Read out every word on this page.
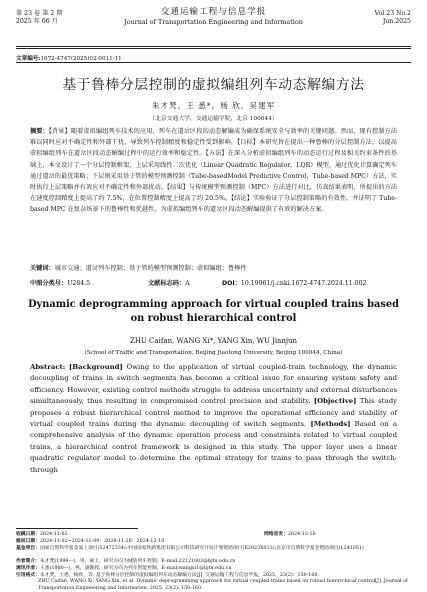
第 23 卷 第 2 期
2025 年 06 月
交通运输工程与信息学报
Journal of Transportation Engineering and Information
Vol.23 No.2
Jun.2025
文章编号:1672-4747(2025)02-0011-11
基于鲁棒分层控制的虚拟编组列车动态解编方法
朱才梵，王 悉*，杨 欣，吴建军
（北京交通大学，交通运输学院，北京 100044）
摘要：【背景】随着虚拟编组列车技术的应用，列车在道岔区段的动态解编成为确保系统安全与效率的关键问题。然而，现有控制方法难以同时应对不确定性和外部干扰，导致列车控制精度和稳定性受到影响。【目标】本研究旨在提出一种鲁棒的分层控制方法，以提高虚拟编组列车在道岔区段动态解编过程中的运行效率和稳定性。【方法】在深入分析虚拟编组列车的动态运行过程及相关约束条件的基础上，本文设计了一个分层控制框架，上层采用线性二次优化（Linear Quadratic Regulator，LQR）模型，通过优化计算确定列车通过道岔的最优策略；下层则采用基于管的模型预测控制（Tube-basedModel Predictive Control，Tube-based MPC）方法，实时执行上层策略并有效应对不确定性和外部扰动。【结果】与传统模型预测控制（MPC）方法进行对比，仿真结果表明，所提出的方法在速度控制精度上提高了约 7.5%，在位置控制精度上提高了约 20.5%。【结论】实验验证了分层控制策略的有效性，并证明了 Tube-based MPC 在复杂场景下的鲁棒性和优越性，为虚拟编组列车的道岔区段动态解编提供了有效的解决方案。
关键词：城市交通；道岔列车控制；基于管的模型预测控制；虚拟编组；鲁棒性
中图分类号：U284.5	文献标志码：A	DOI：10.19961/j.cnki.1672-4747.2024.11.002
Dynamic deprogramming approach for virtual coupled trains based on robust hierarchical control
ZHU Caifan, WANG Xi*, YANG Xin, WU Jianjun
(School of Traffic and Transportation, Beijing Jiaotong University, Beijing 100044, China)
Abstract: [Background] Owing to the application of virtual coupled-train technology, the dynamic decoupling of trains in switch segments has become a critical issue for ensuring system safety and efficiency. However, existing control methods struggle to address uncertainty and external disturbances simultaneously, thus resulting in compromised control precision and stability. [Objective] This study proposes a robust hierarchical control method to improve the operational efficiency and stability of virtual coupled trains during the dynamic decoupling of switch segments. [Methods] Based on a comprehensive analysis of the dynamic operation process and constraints related to virtual coupled trains, a hierarchical control framework is designed in this study. The upper layer uses a linear quadratic regulator model to determine the optimal strategy for trains to pass through the switch-through
收稿日期：2024-11-02	网络首发：2024-12-16
修回日期：2024-11-02~2024-11-09；2024-11-26；2024-12-10
基金项目：国家自然科学基金面上项目(52472334);中国国家铁路集团有限公司科技研究开发计划资助项目(K2023X013);北京市自然科学基金资助项目(L241051)
作者简介：朱才梵(1999—)，男，硕士，研究方向为城轨列车控制。E-mail:22121002@bjtu.edu.cn
通讯作者：王悉(1980—)，男，副教授，研究方向为列车智能控制。E-mail:wangxi1@bjtu.edu.cn
引用格式：朱才梵，王悉，杨欣，等. 基于鲁棒分层控制的虚拟编组列车动态解编方法[J]. 交通运输工程与信息学报，2025，23(2)：150-160.
ZHU Caifan, WANG Xi, YANG Xin, et al. Dynamic deprogramming approach for virtual coupled trains based on robust hierarchical control[J]. Journal of Transportation Engineering and Information, 2025, 23(2): 150-160.
